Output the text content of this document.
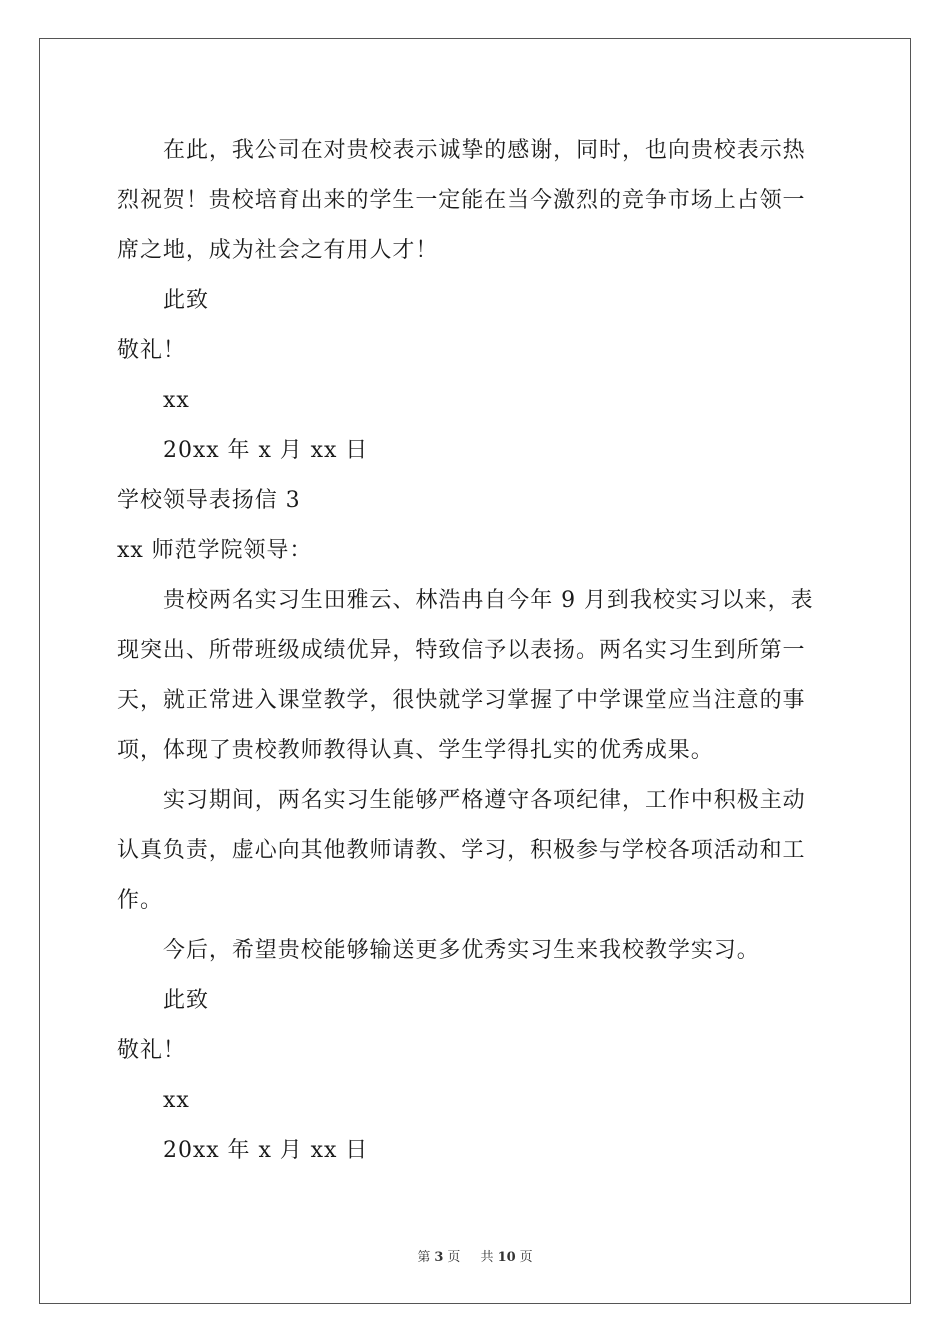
在此，我公司在对贵校表示诚挚的感谢，同时，也向贵校表示热
烈祝贺！贵校培育出来的学生一定能在当今激烈的竞争市场上占领一
席之地，成为社会之有用人才！
此致
敬礼！
xx
20xx 年 x 月 xx 日
学校领导表扬信 3
xx 师范学院领导：
贵校两名实习生田雅云、林浩冉自今年 9 月到我校实习以来，表
现突出、所带班级成绩优异，特致信予以表扬。两名实习生到所第一
天，就正常进入课堂教学，很快就学习掌握了中学课堂应当注意的事
项，体现了贵校教师教得认真、学生学得扎实的优秀成果。
实习期间，两名实习生能够严格遵守各项纪律，工作中积极主动
认真负责，虚心向其他教师请教、学习，积极参与学校各项活动和工
作。
今后，希望贵校能够输送更多优秀实习生来我校教学实习。
此致
敬礼！
xx
20xx 年 x 月 xx 日
第 3 页 共 10 页
